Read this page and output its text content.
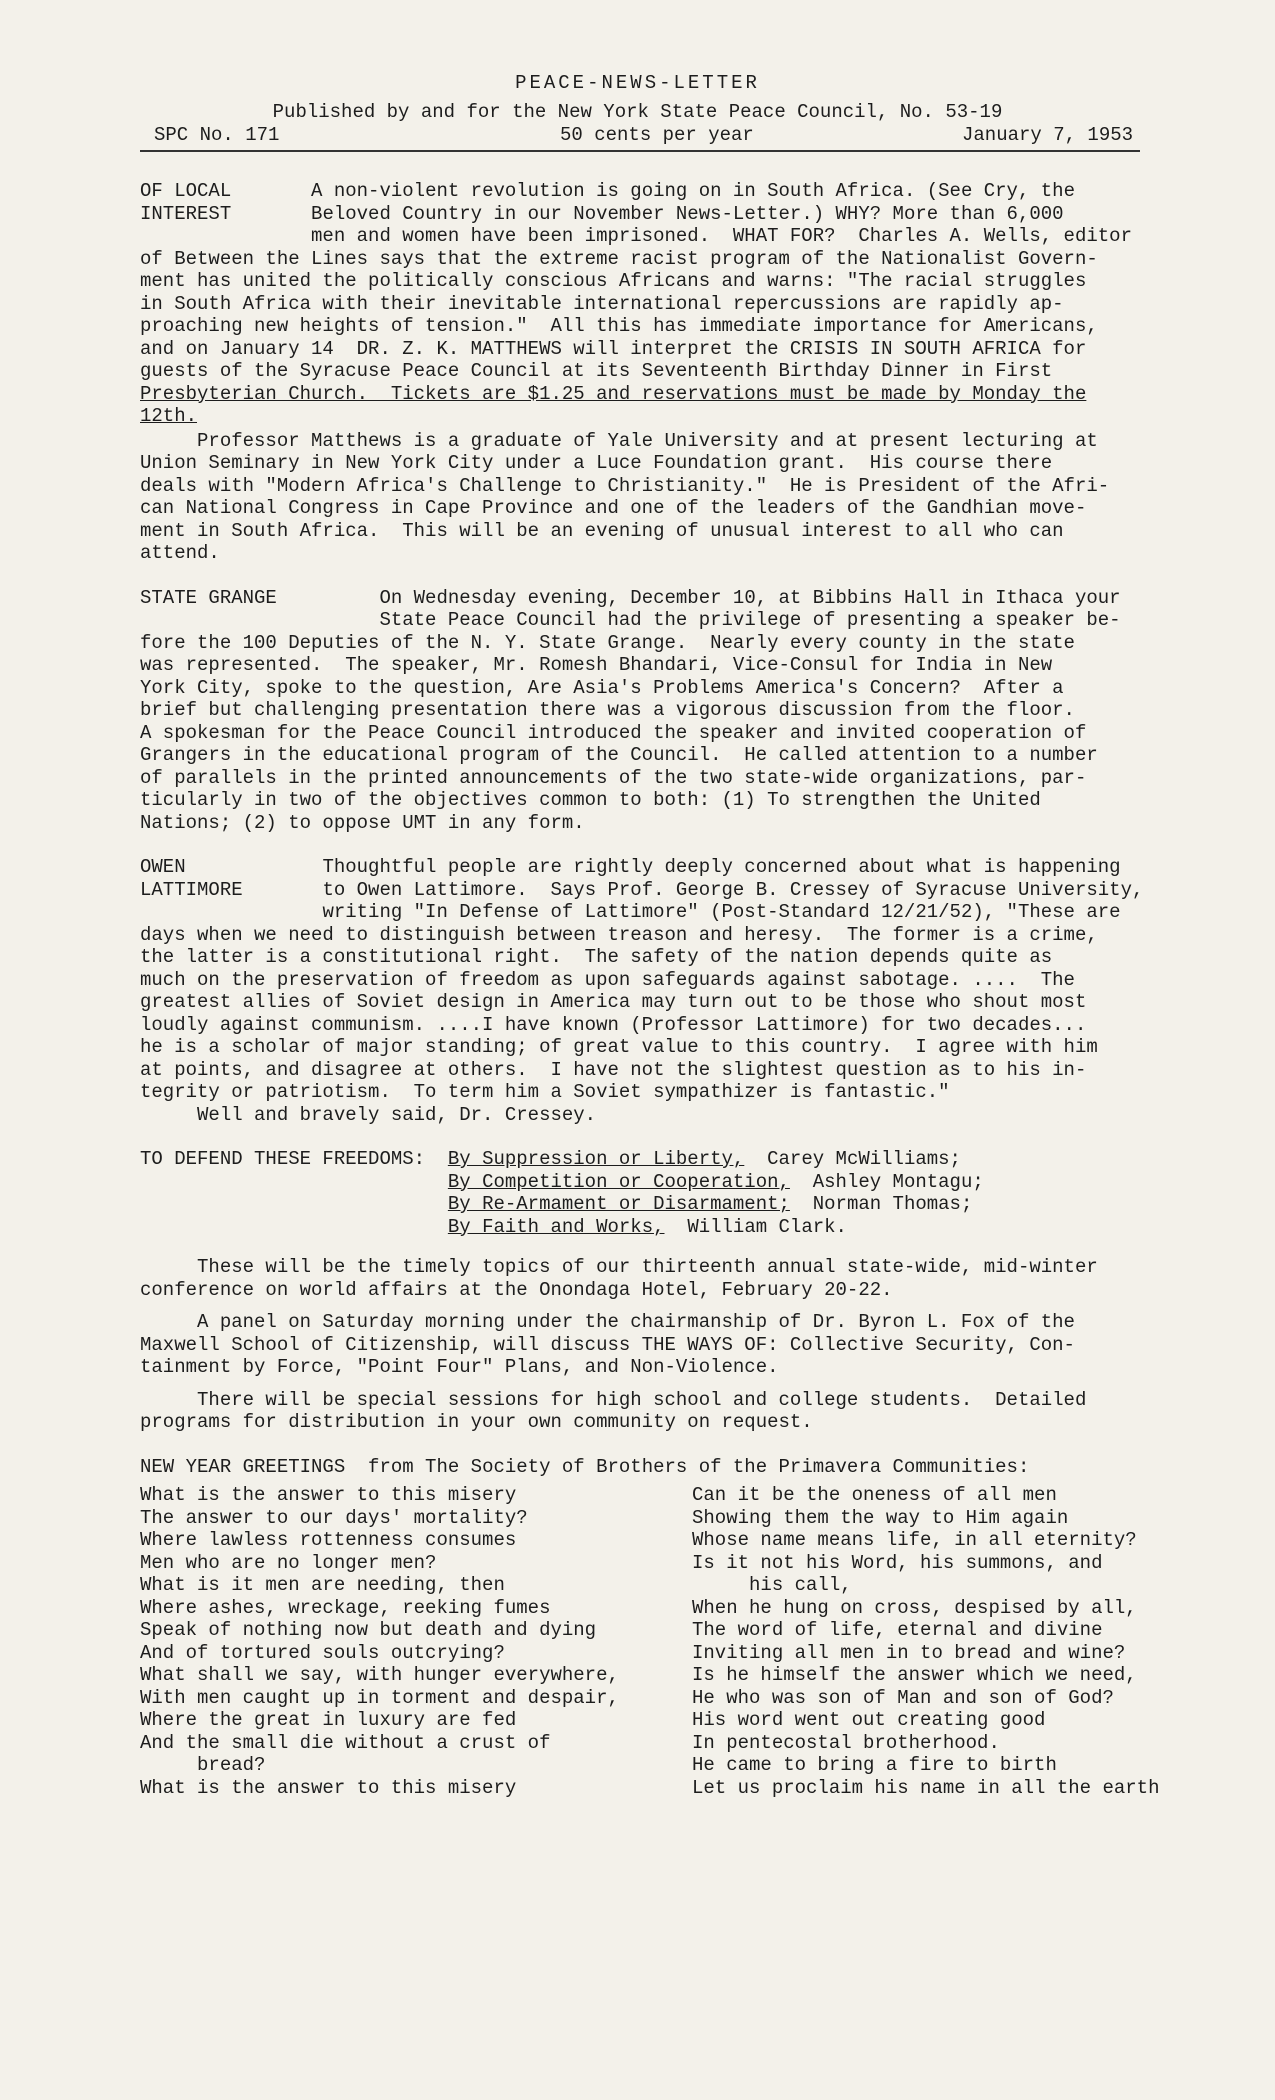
PEACE-NEWS-LETTER
Published by and for the New York State Peace Council, No. 53-19
SPC No. 171	50 cents per year	January 7, 1953
OF LOCAL	A non-violent revolution is going on in South Africa. (See Cry, the
INTEREST	Beloved Country in our November News-Letter.) WHY? More than 6,000
men and women have been imprisoned.  WHAT FOR?  Charles A. Wells, editor
of Between the Lines says that the extreme racist program of the Nationalist Govern-
ment has united the politically conscious Africans and warns: "The racial struggles
in South Africa with their inevitable international repercussions are rapidly ap-
proaching new heights of tension."  All this has immediate importance for Americans,
and on January 14  DR. Z. K. MATTHEWS will interpret the CRISIS IN SOUTH AFRICA for
guests of the Syracuse Peace Council at its Seventeenth Birthday Dinner in First
Presbyterian Church.  Tickets are $1.25 and reservations must be made by Monday the
12th.
Professor Matthews is a graduate of Yale University and at present lecturing at
Union Seminary in New York City under a Luce Foundation grant.  His course there
deals with "Modern Africa's Challenge to Christianity."  He is President of the Afri-
can National Congress in Cape Province and one of the leaders of the Gandhian move-
ment in South Africa.  This will be an evening of unusual interest to all who can
attend.
STATE GRANGE	On Wednesday evening, December 10, at Bibbins Hall in Ithaca your
State Peace Council had the privilege of presenting a speaker be-
fore the 100 Deputies of the N. Y. State Grange.  Nearly every county in the state
was represented.  The speaker, Mr. Romesh Bhandari, Vice-Consul for India in New
York City, spoke to the question, Are Asia's Problems America's Concern?  After a
brief but challenging presentation there was a vigorous discussion from the floor.
A spokesman for the Peace Council introduced the speaker and invited cooperation of
Grangers in the educational program of the Council.  He called attention to a number
of parallels in the printed announcements of the two state-wide organizations, par-
ticularly in two of the objectives common to both: (1) To strengthen the United
Nations; (2) to oppose UMT in any form.
OWEN	Thoughtful people are rightly deeply concerned about what is happening
LATTIMORE	to Owen Lattimore.  Says Prof. George B. Cressey of Syracuse University,
writing "In Defense of Lattimore" (Post-Standard 12/21/52), "These are
days when we need to distinguish between treason and heresy.  The former is a crime,
the latter is a constitutional right.  The safety of the nation depends quite as
much on the preservation of freedom as upon safeguards against sabotage. ....  The
greatest allies of Soviet design in America may turn out to be those who shout most
loudly against communism. ....I have known (Professor Lattimore) for two decades...
he is a scholar of major standing; of great value to this country.  I agree with him
at points, and disagree at others.  I have not the slightest question as to his in-
tegrity or patriotism.  To term him a Soviet sympathizer is fantastic."
Well and bravely said, Dr. Cressey.
TO DEFEND THESE FREEDOMS: By Suppression or Liberty, Carey McWilliams;
By Competition or Cooperation, Ashley Montagu;
By Re-Armament or Disarmament; Norman Thomas;
By Faith and Works, William Clark.
These will be the timely topics of our thirteenth annual state-wide, mid-winter
conference on world affairs at the Onondaga Hotel, February 20-22.
A panel on Saturday morning under the chairmanship of Dr. Byron L. Fox of the
Maxwell School of Citizenship, will discuss THE WAYS OF: Collective Security, Con-
tainment by Force, "Point Four" Plans, and Non-Violence.
There will be special sessions for high school and college students.  Detailed
programs for distribution in your own community on request.
NEW YEAR GREETINGS from The Society of Brothers of the Primavera Communities:
What is the answer to this misery
The answer to our days' mortality?
Where lawless rottenness consumes
Men who are no longer men?
What is it men are needing, then
Where ashes, wreckage, reeking fumes
Speak of nothing now but death and dying
And of tortured souls outcrying?
What shall we say, with hunger everywhere,
With men caught up in torment and despair,
Where the great in luxury are fed
And the small die without a crust of
bread?
What is the answer to this misery
Can it be the oneness of all men
Showing them the way to Him again
Whose name means life, in all eternity?
Is it not his Word, his summons, and
his call,
When he hung on cross, despised by all,
The word of life, eternal and divine
Inviting all men in to bread and wine?
Is he himself the answer which we need,
He who was son of Man and son of God?
His word went out creating good
In pentecostal brotherhood.
He came to bring a fire to birth
Let us proclaim his name in all the earth
